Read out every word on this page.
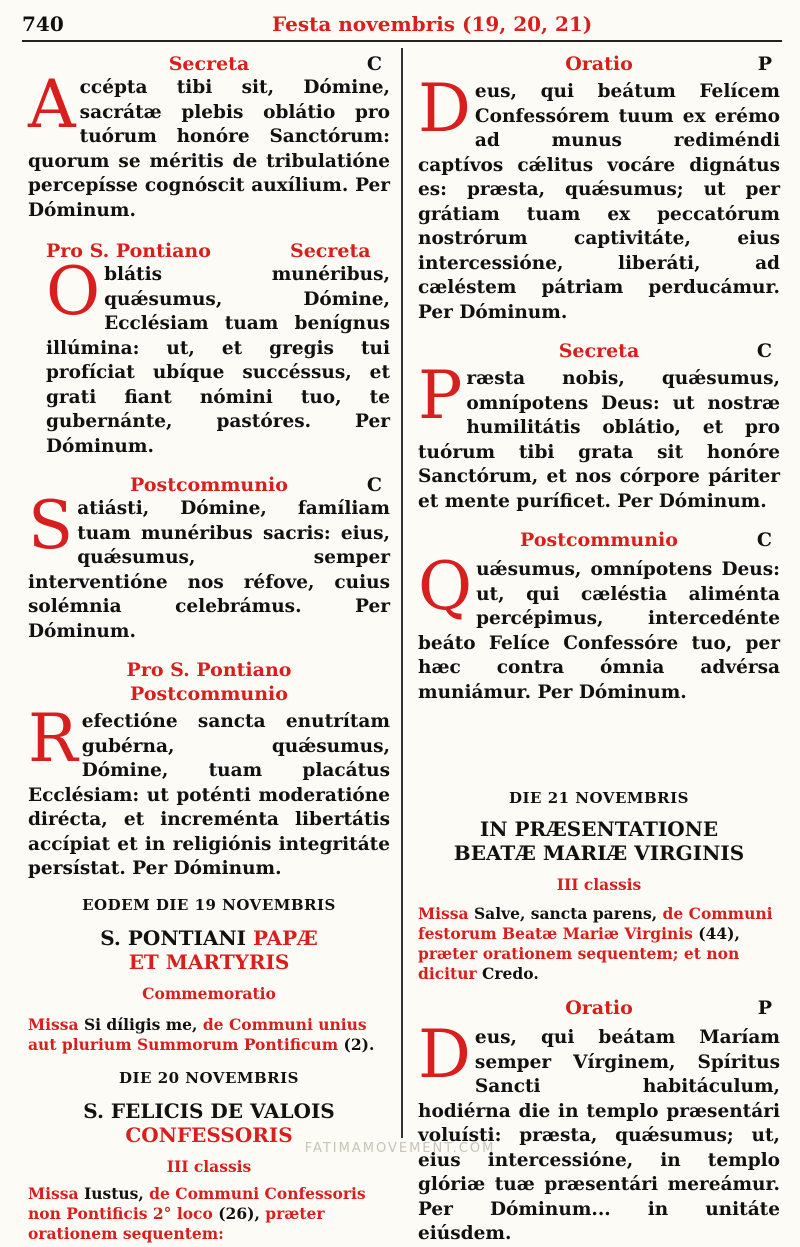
740	Festa novembris (19, 20, 21)
Secreta	C

Accépta tibi sit, Dómine, sacrátæ plebis oblátio pro tuórum honóre Sanctórum: quorum se méritis de tribulatióne percepísse cognóscit auxílium. Per Dóminum.

Pro S. Pontiano	Secreta

Oblátis munéribus, quǽsumus, Dómine, Ecclésiam tuam benígnus illúmina: ut, et gregis tui profíciat ubíque succéssus, et grati fiant nómini tuo, te gubernánte, pastóres. Per Dóminum.

Postcommunio	C

Satiásti, Dómine, famíliam tuam munéribus sacris: eius, quǽsumus, semper interventióne nos réfove, cuius solémnia celebrámus. Per Dóminum.

Pro S. Pontiano
Postcommunio

Refectióne sancta enutrítam gubérna, quǽsumus, Dómine, tuam placátus Ecclésiam: ut poténti moderatióne dirécta, et increménta libertátis accípiat et in religiónis integritáte persístat. Per Dóminum.

EODEM DIE 19 NOVEMBRIS
S. PONTIANI PAPÆ
ET MARTYRIS
Commemoratio

Missa Si díligis me, de Communi unius aut plurium Summorum Pontificum (2).

DIE 20 NOVEMBRIS
S. FELICIS DE VALOIS
CONFESSORIS
III classis

Missa Iustus, de Communi Confessoris non Pontificis 2° loco (26), præter orationem sequentem:

Oratio	P

Deus, qui beátum Felícem Confessórem tuum ex erémo ad munus rediméndi captívos cǽlitus vocáre dignátus es: præsta, quǽsumus; ut per grátiam tuam ex peccatórum nostrórum captivitáte, eius intercessióne, liberáti, ad cæléstem pátriam perducámur. Per Dóminum.

Secreta	C

Præsta nobis, quǽsumus, omnípotens Deus: ut nostræ humilitátis oblátio, et pro tuórum tibi grata sit honóre Sanctórum, et nos córpore páriter et mente puríficet. Per Dóminum.

Postcommunio	C

Quǽsumus, omnípotens Deus: ut, qui cæléstia aliménta percépimus, intercedénte beáto Felíce Confessóre tuo, per hæc contra ómnia advérsa muniámur. Per Dóminum.

DIE 21 NOVEMBRIS
IN PRÆSENTATIONE
BEATÆ MARIÆ VIRGINIS
III classis

Missa Salve, sancta parens, de Communi festorum Beatæ Mariæ Virginis (44), præter orationem sequentem; et non dicitur Credo.

Oratio	P

Deus, qui beátam Maríam semper Vírginem, Spíritus Sancti habitáculum, hodiérna die in templo præsentári voluísti: præsta, quǽsumus; ut, eius intercessióne, in templo glóriæ tuæ præsentári mereámur. Per Dóminum... in unitáte eiúsdem.

FATIMAMOVEMENT.COM
